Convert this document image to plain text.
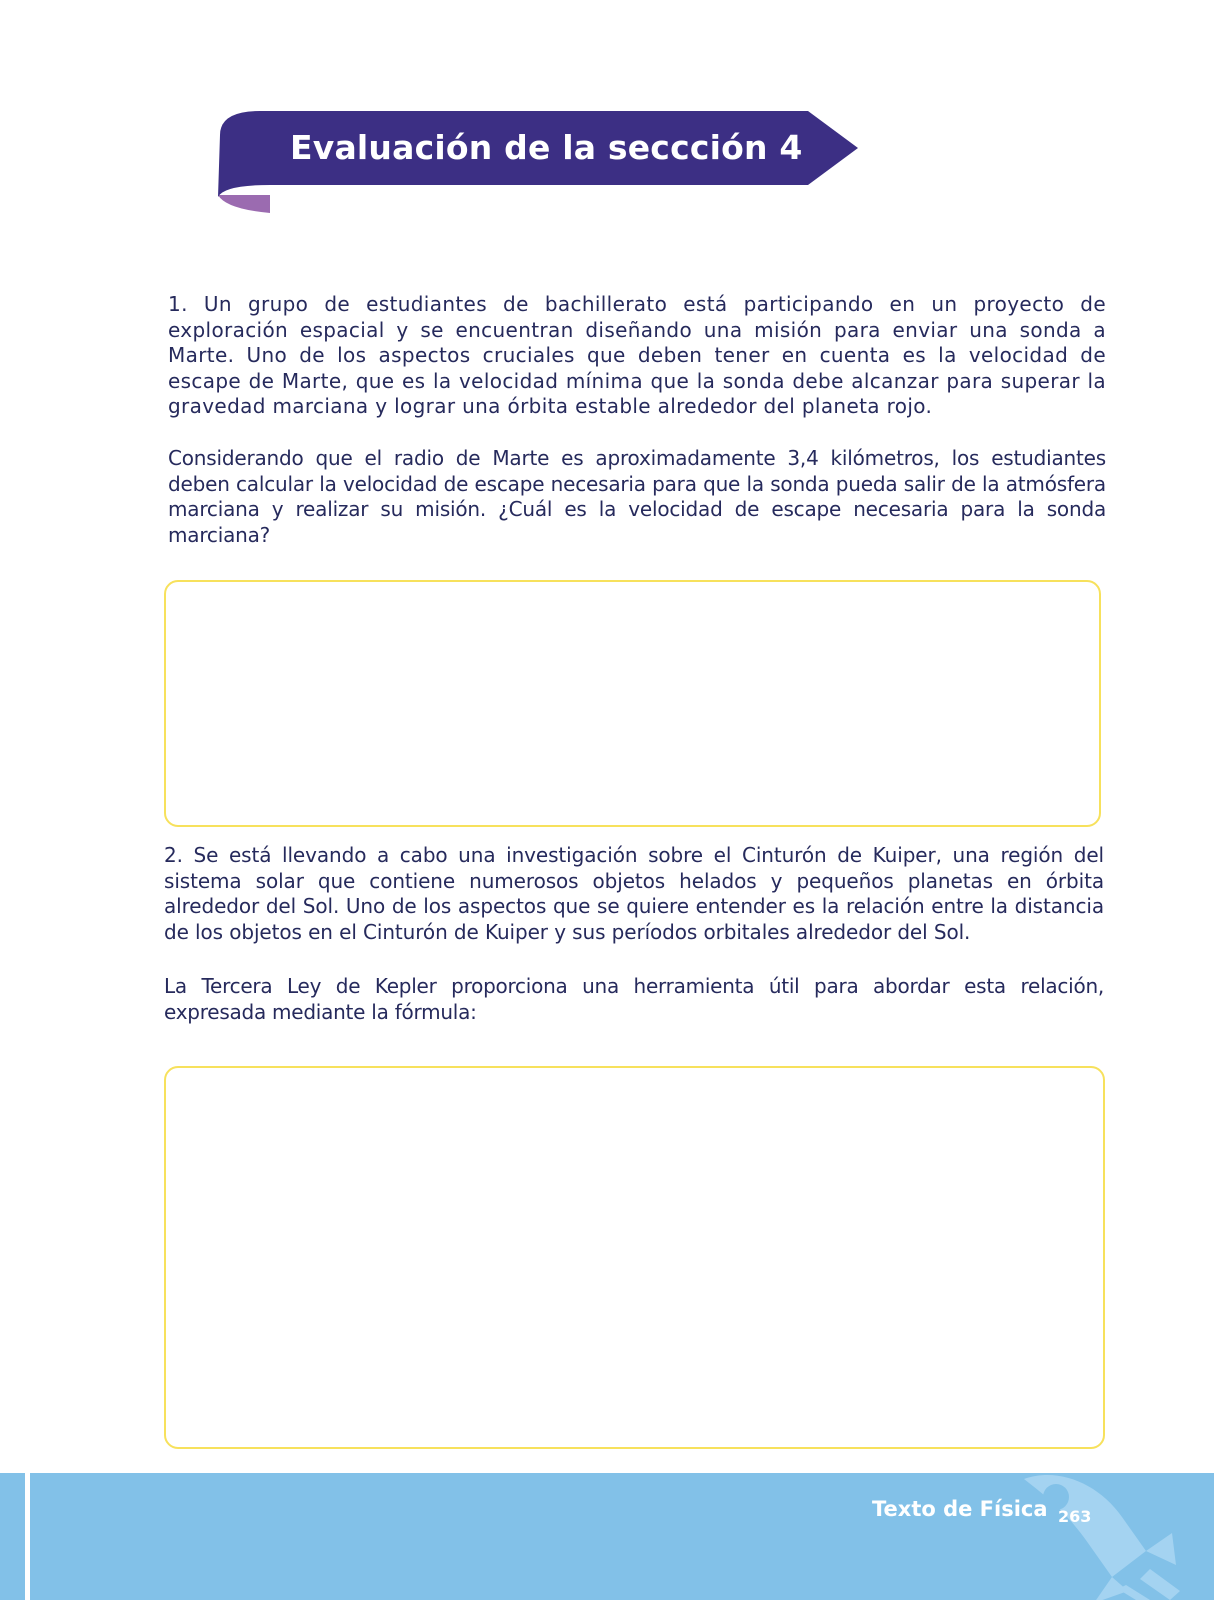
Evaluación de la seccción 4

1. Un grupo de estudiantes de bachillerato está participando en un proyecto de exploración espacial y se encuentran diseñando una misión para enviar una sonda a Marte. Uno de los aspectos cruciales que deben tener en cuenta es la velocidad de escape de Marte, que es la velocidad mínima que la sonda debe alcanzar para superar la gravedad marciana y lograr una órbita estable alrededor del planeta rojo.

Considerando que el radio de Marte es aproximadamente 3,4 kilómetros, los estudiantes deben calcular la velocidad de escape necesaria para que la sonda pueda salir de la atmósfera marciana y realizar su misión. ¿Cuál es la velocidad de escape necesaria para la sonda marciana?

2. Se está llevando a cabo una investigación sobre el Cinturón de Kuiper, una región del sistema solar que contiene numerosos objetos helados y pequeños planetas en órbita alrededor del Sol. Uno de los aspectos que se quiere entender es la relación entre la distancia de los objetos en el Cinturón de Kuiper y sus períodos orbitales alrededor del Sol.

La Tercera Ley de Kepler proporciona una herramienta útil para abordar esta relación, expresada mediante la fórmula:

Texto de Física 263
